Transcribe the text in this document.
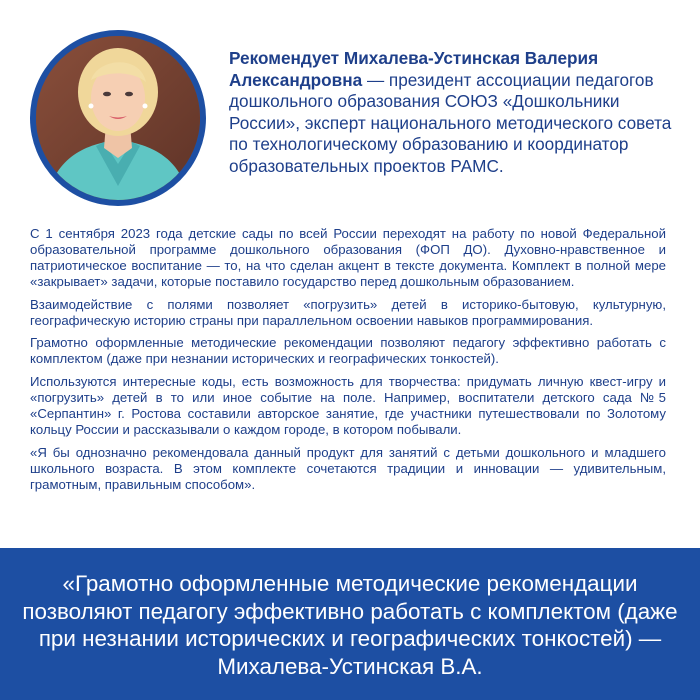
Рекомендует Михалева-Устинская Валерия Александровна — президент ассоциации педагогов дошкольного образования СОЮЗ «Дошкольники России», эксперт национального методического совета по технологическому образованию и координатор образовательных проектов РАМС.

С 1 сентября 2023 года детские сады по всей России переходят на работу по новой Федеральной образовательной программе дошкольного образования (ФОП ДО). Духовно-нравственное и патриотическое воспитание — то, на что сделан акцент в тексте документа. Комплект в полной мере «закрывает» задачи, которые поставило государство перед дошкольным образованием.

Взаимодействие с полями позволяет «погрузить» детей в историко-бытовую, культурную, географическую историю страны при параллельном освоении навыков программирования.

Грамотно оформленные методические рекомендации позволяют педагогу эффективно работать с комплектом (даже при незнании исторических и географических тонкостей).

Используются интересные коды, есть возможность для творчества: придумать личную квест-игру и «погрузить» детей в то или иное событие на поле. Например, воспитатели детского сада №5 «Серпантин» г. Ростова составили авторское занятие, где участники путешествовали по Золотому кольцу России и рассказывали о каждом городе, в котором побывали.

«Я бы однозначно рекомендовала данный продукт для занятий с детьми дошкольного и младшего школьного возраста. В этом комплекте сочетаются традиции и инновации — удивительным, грамотным, правильным способом».

«Грамотно оформленные методические рекомендации позволяют педагогу эффективно работать с комплектом (даже при незнании исторических и географических тонкостей) — Михалева-Устинская В.А.
